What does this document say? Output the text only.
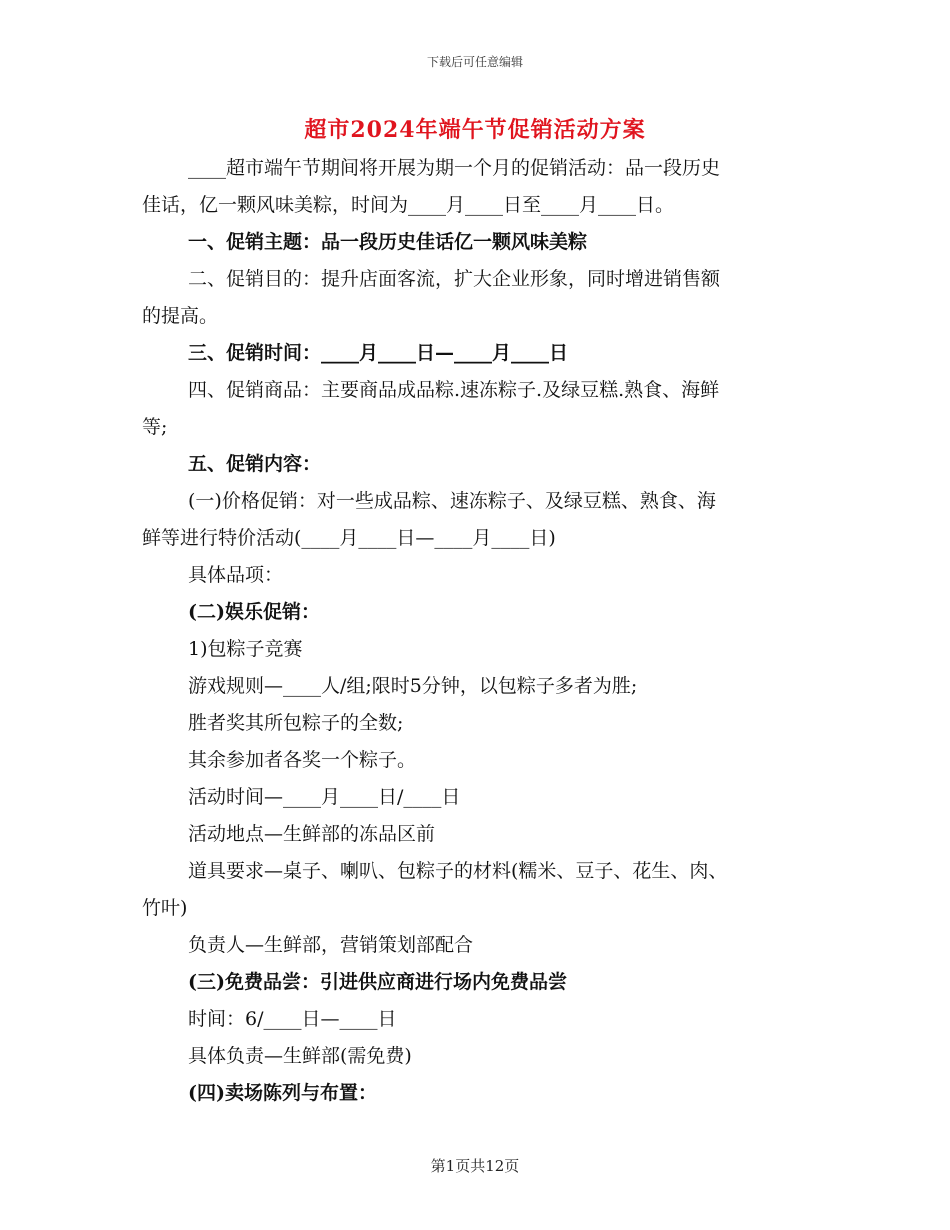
下载后可任意编辑
超市2024年端午节促销活动方案

____超市端午节期间将开展为期一个月的促销活动：品一段历史

佳话，亿一颗风味美粽，时间为____月____日至____月____日。

一、促销主题：品一段历史佳话亿一颗风味美粽

二、促销目的：提升店面客流，扩大企业形象，同时增进销售额

的提高。

三、促销时间：____月____日—____月____日

四、促销商品：主要商品成品粽.速冻粽子.及绿豆糕.熟食、海鲜

等;

五、促销内容：

(一)价格促销：对一些成品粽、速冻粽子、及绿豆糕、熟食、海

鲜等进行特价活动(____月____日—____月____日)

具体品项：

(二)娱乐促销：

1)包粽子竞赛

游戏规则—____人/组;限时5分钟，以包粽子多者为胜;

胜者奖其所包粽子的全数;

其余参加者各奖一个粽子。

活动时间—____月____日/____日

活动地点—生鲜部的冻品区前

道具要求—桌子、喇叭、包粽子的材料(糯米、豆子、花生、肉、

竹叶)

负责人—生鲜部，营销策划部配合

(三)免费品尝：引进供应商进行场内免费品尝

时间：6/____日—____日

具体负责—生鲜部(需免费)

(四)卖场陈列与布置：

第1页共12页
